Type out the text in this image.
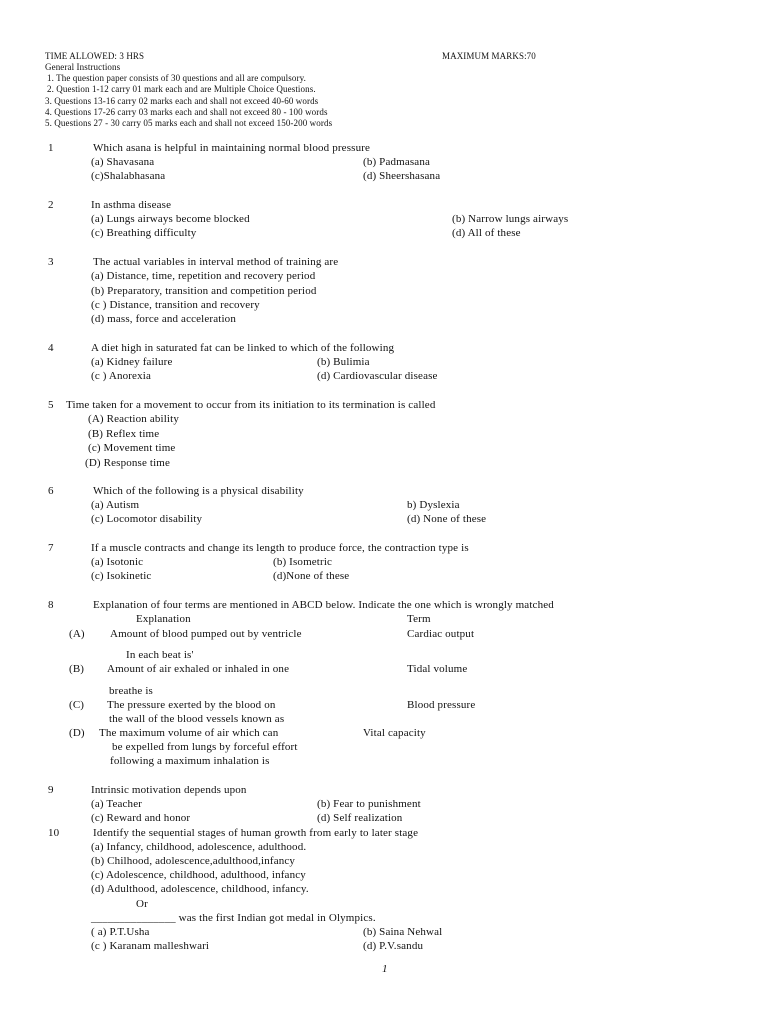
TIME ALLOWED: 3 HRS	MAXIMUM MARKS:70
General Instructions
1. The question paper consists of 30 questions and all are compulsory.
2. Question 1-12 carry 01 mark each and are Multiple Choice Questions.
3. Questions 13-16 carry 02 marks each and shall not exceed 40-60 words
4. Questions 17-26 carry 03 marks each and shall not exceed 80 - 100 words
5. Questions 27 - 30 carry 05 marks each and shall not exceed 150-200 words
1	Which asana is helpful in maintaining normal blood pressure
(a) Shavasana	(b) Padmasana
(c)Shalabhasana	(d) Sheershasana
2	In asthma disease
(a) Lungs airways become blocked	(b) Narrow lungs airways
(c) Breathing difficulty	(d) All of these
3	The actual variables in interval method of training are
(a) Distance, time, repetition and recovery period
(b) Preparatory, transition and competition period
(c ) Distance, transition and recovery
(d) mass, force and acceleration
4	A diet high in saturated fat can be linked to which of the following
(a) Kidney failure	(b) Bulimia
(c ) Anorexia	(d) Cardiovascular disease
5 Time taken for a movement to occur from its initiation to its termination is called
(A) Reaction ability
(B) Reflex time
(c) Movement time
(D) Response time
6	Which of the following is a physical disability
(a) Autism	b) Dyslexia
(c) Locomotor disability	(d) None of these
7	If a muscle contracts and change its length to produce force, the contraction type is
(a) Isotonic	(b) Isometric
(c) Isokinetic	(d)None of these
8	Explanation of four terms are mentioned in ABCD below. Indicate the one which is wrongly matched
Explanation	Term
(A) Amount of blood pumped out by ventricle	Cardiac output
In each beat is'
(B) Amount of air exhaled or inhaled in one	Tidal volume
breathe is
(C) The pressure exerted by the blood on	Blood pressure
the wall of the blood vessels known as
(D) The maximum volume of air which can	Vital capacity
be expelled from lungs by forceful effort
following a maximum inhalation is
9	Intrinsic motivation depends upon
(a) Teacher	(b) Fear to punishment
(c) Reward and honor	(d) Self realization
10	Identify the sequential stages of human growth from early to later stage
(a) Infancy, childhood, adolescence, adulthood.
(b) Chilhood, adolescence,adulthood,infancy
(c) Adolescence, childhood, adulthood, infancy
(d) Adulthood, adolescence, childhood, infancy.
Or
_______________ was the first Indian got medal in Olympics.
( a) P.T.Usha	(b) Saina Nehwal
(c ) Karanam malleshwari	(d) P.V.sandu
1
